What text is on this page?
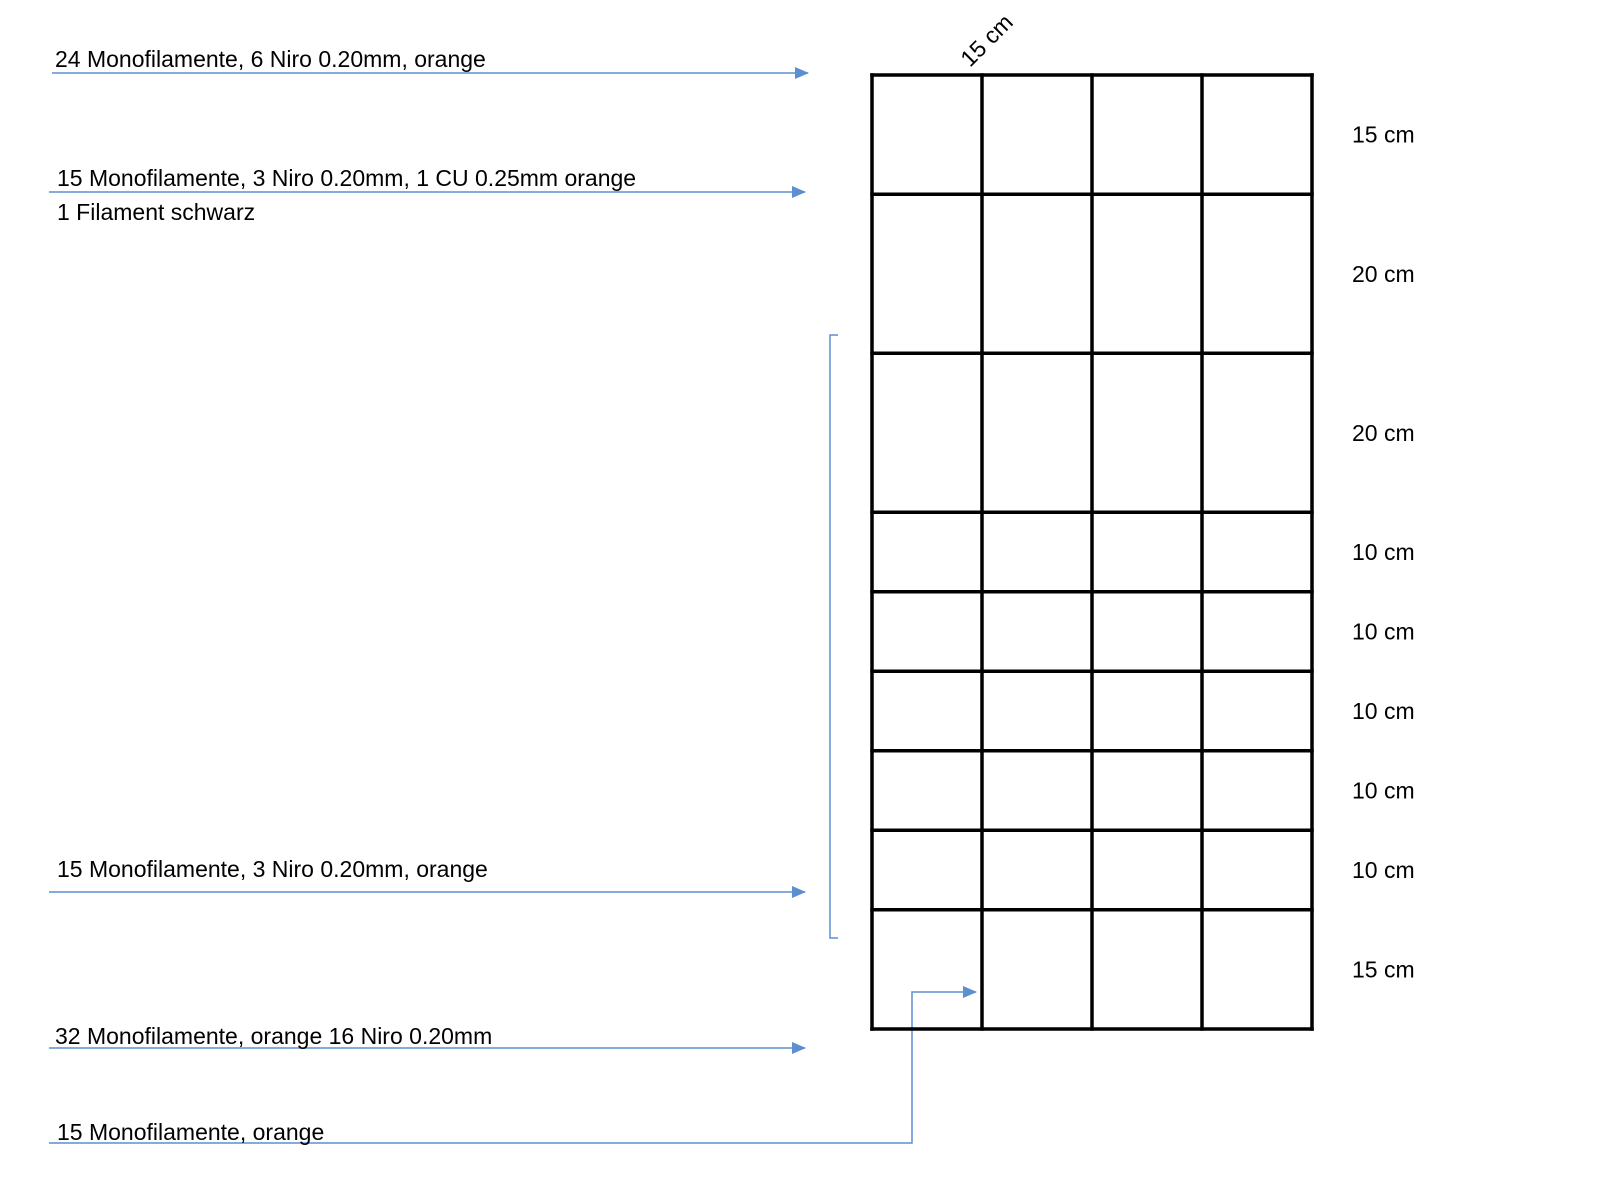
24 Monofilamente, 6 Niro 0.20mm, orange
15 Monofilamente, 3 Niro 0.20mm, 1 CU 0.25mm orange
1 Filament schwarz
15 Monofilamente, 3 Niro 0.20mm, orange
32 Monofilamente, orange 16 Niro 0.20mm
15 Monofilamente, orange
15 cm
15 cm
20 cm
20 cm
10 cm
10 cm
10 cm
10 cm
10 cm
15 cm
